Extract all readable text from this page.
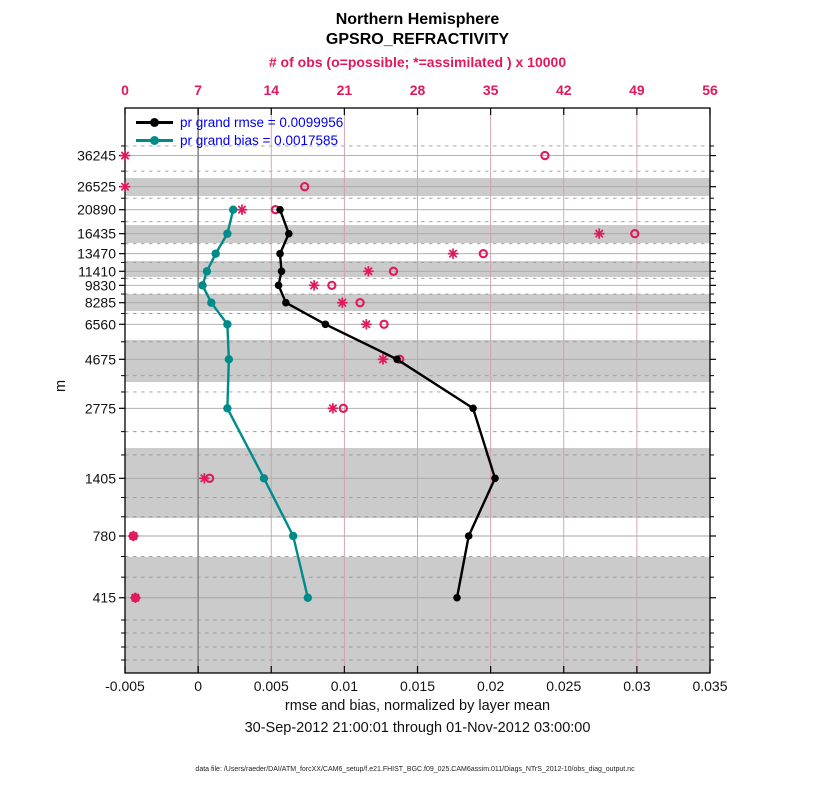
Northern Hemisphere
GPSRO_REFRACTIVITY
# of obs (o=possible; *=assimilated ) x 10000
0	7	14	21	28	35	42	49	56
-0.005	0	0.005	0.01	0.015	0.02	0.025	0.03	0.035
36245
26525
20890
16435
13470
11410
9830
8285
6560
4675
2775
1405
780
415
pr grand rmse = 0.0099956
pr grand bias = 0.0017585
m
rmse and bias, normalized by layer mean
30-Sep-2012 21:00:01 through 01-Nov-2012 03:00:00
data file: /Users/raeder/DAI/ATM_forcXX/CAM6_setup/f.e21.FHIST_BGC.f09_025.CAM6assim.011/Diags_NTrS_2012-10/obs_diag_output.nc
